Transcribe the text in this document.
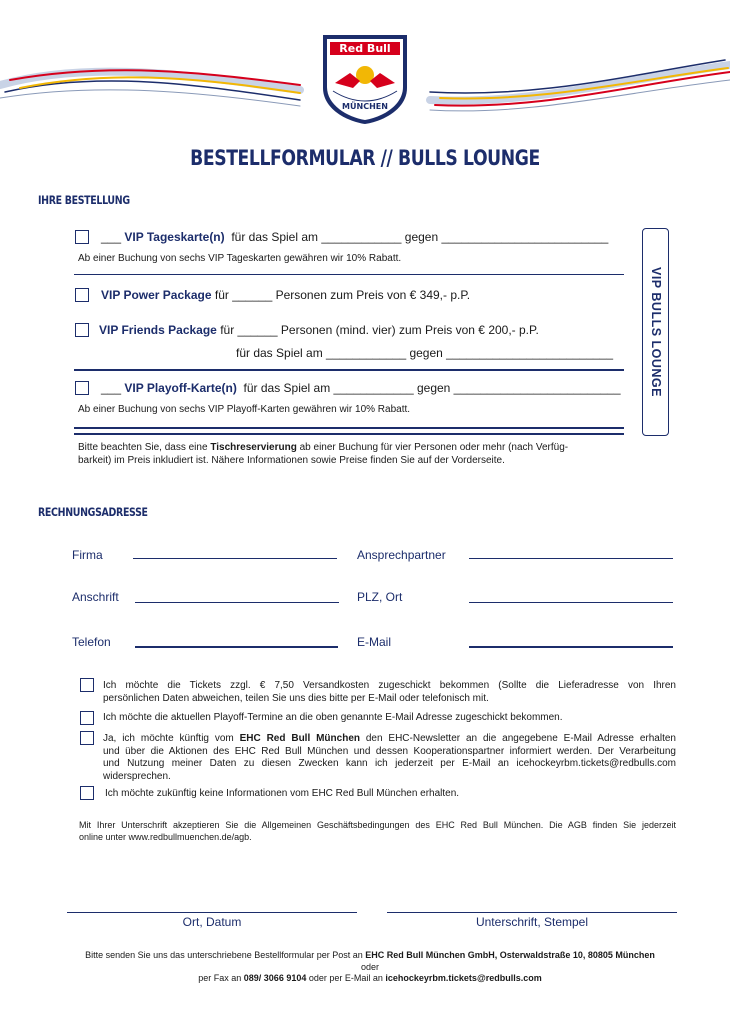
Red Bull
MÜNCHEN
BESTELLFORMULAR // BULLS LOUNGE
IHRE BESTELLUNG
VIP BULLS LOUNGE
___ VIP Tageskarte(n) für das Spiel am ____________ gegen _________________________
Ab einer Buchung von sechs VIP Tageskarten gewähren wir 10% Rabatt.
VIP Power Package für ______ Personen zum Preis von € 349,- p.P.
VIP Friends Package für ______ Personen (mind. vier) zum Preis von € 200,- p.P.
für das Spiel am ____________ gegen _________________________
___ VIP Playoff-Karte(n) für das Spiel am ____________ gegen _________________________
Ab einer Buchung von sechs VIP Playoff-Karten gewähren wir 10% Rabatt.
Bitte beachten Sie, dass eine Tischreservierung ab einer Buchung für vier Personen oder mehr (nach Verfüg-
barkeit) im Preis inkludiert ist. Nähere Informationen sowie Preise finden Sie auf der Vorderseite.
RECHNUNGSADRESSE
Firma	Ansprechpartner
Anschrift	PLZ, Ort
Telefon	E-Mail
Ich möchte die Tickets zzgl. € 7,50 Versandkosten zugeschickt bekommen (Sollte die Lieferadresse von Ihren
persönlichen Daten abweichen, teilen Sie uns dies bitte per E-Mail oder telefonisch mit.
Ich möchte die aktuellen Playoff-Termine an die oben genannte E-Mail Adresse zugeschickt bekommen.
Ja, ich möchte künftig vom EHC Red Bull München den EHC-Newsletter an die angegebene E-Mail Adresse erhalten
und über die Aktionen des EHC Red Bull München und dessen Kooperationspartner informiert werden. Der Verarbeitung
und Nutzung meiner Daten zu diesen Zwecken kann ich jederzeit per E-Mail an icehockeyrbm.tickets@redbulls.com
widersprechen.
Ich möchte zukünftig keine Informationen vom EHC Red Bull München erhalten.
Mit Ihrer Unterschrift akzeptieren Sie die Allgemeinen Geschäftsbedingungen des EHC Red Bull München. Die AGB finden Sie jederzeit
online unter www.redbullmuenchen.de/agb.
Ort, Datum	Unterschrift, Stempel
Bitte senden Sie uns das unterschriebene Bestellformular per Post an EHC Red Bull München GmbH, Osterwaldstraße 10, 80805 München
oder
per Fax an 089/ 3066 9104 oder per E-Mail an icehockeyrbm.tickets@redbulls.com
